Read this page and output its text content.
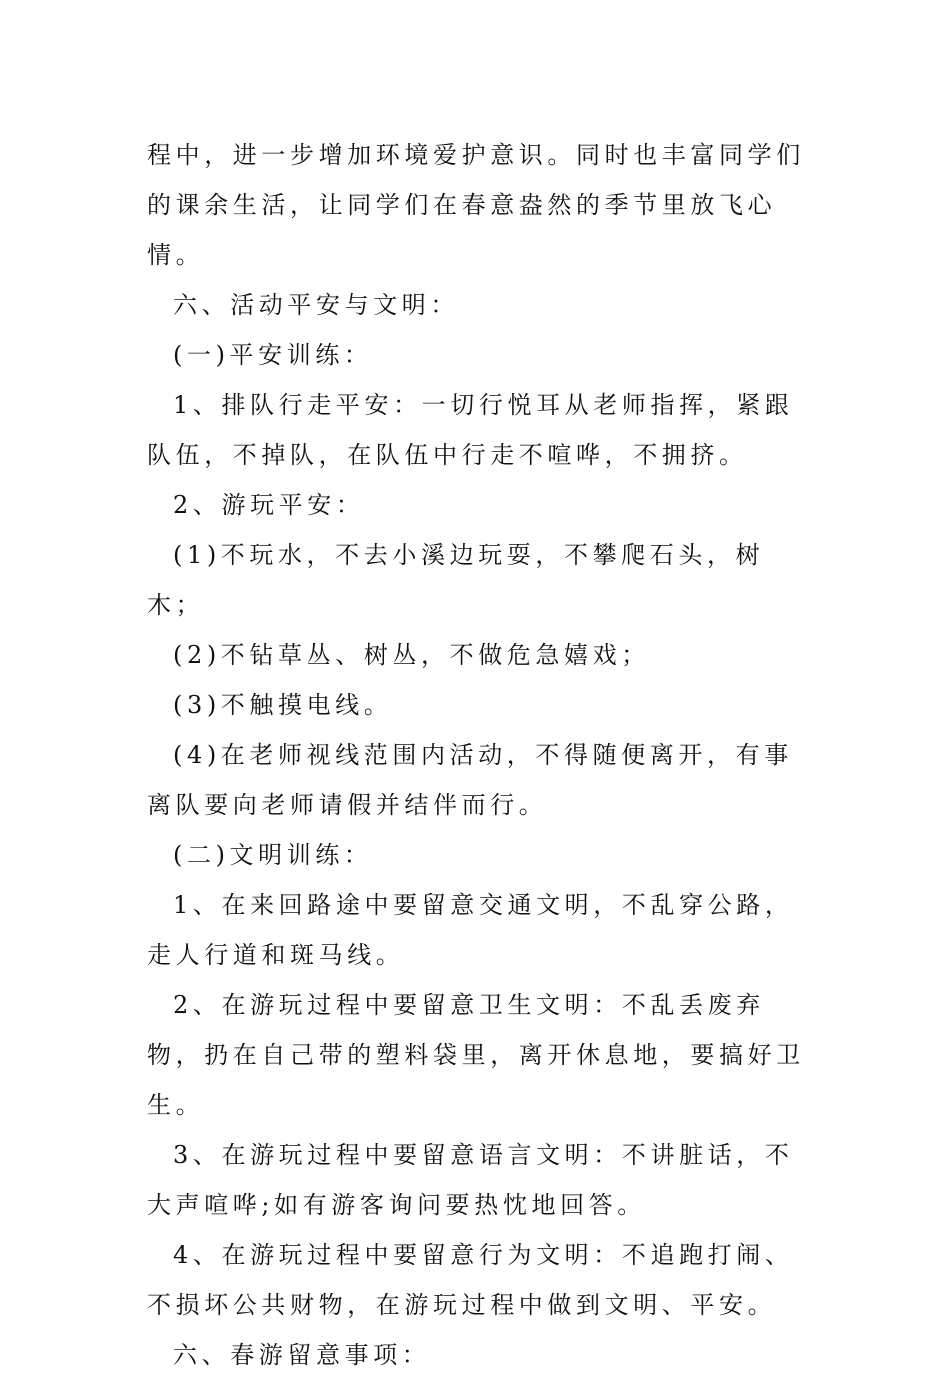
程中，进一步增加环境爱护意识。同时也丰富同学们的课余生活，让同学们在春意盎然的季节里放飞心情。

六、活动平安与文明：

(一)平安训练：

1、排队行走平安：一切行悦耳从老师指挥，紧跟队伍，不掉队，在队伍中行走不喧哗，不拥挤。

2、游玩平安：

(1)不玩水，不去小溪边玩耍，不攀爬石头，树木；

(2)不钻草丛、树丛，不做危急嬉戏；

(3)不触摸电线。

(4)在老师视线范围内活动，不得随便离开，有事离队要向老师请假并结伴而行。

(二)文明训练：

1、在来回路途中要留意交通文明，不乱穿公路，走人行道和斑马线。

2、在游玩过程中要留意卫生文明：不乱丢废弃物，扔在自己带的塑料袋里，离开休息地，要搞好卫生。

3、在游玩过程中要留意语言文明：不讲脏话，不大声喧哗;如有游客询问要热忱地回答。

4、在游玩过程中要留意行为文明：不追跑打闹、不损坏公共财物，在游玩过程中做到文明、平安。

六、春游留意事项：
